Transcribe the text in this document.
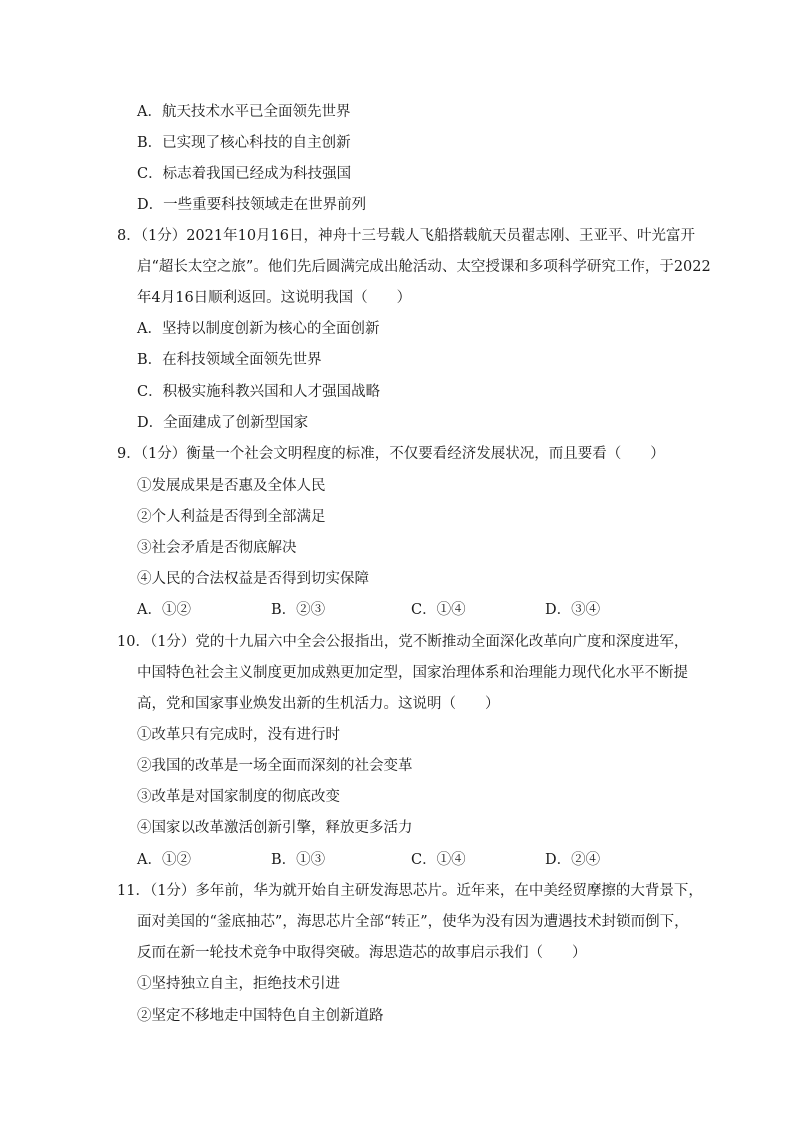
A．航天技术水平已全面领先世界
B．已实现了核心科技的自主创新
C．标志着我国已经成为科技强国
D．一些重要科技领域走在世界前列
8．（1分）2021年10月16日，神舟十三号载人飞船搭载航天员翟志刚、王亚平、叶光富开
启“超长太空之旅”。他们先后圆满完成出舱活动、太空授课和多项科学研究工作，于2022
年4月16日顺利返回。这说明我国（　　）
A．坚持以制度创新为核心的全面创新
B．在科技领域全面领先世界
C．积极实施科教兴国和人才强国战略
D．全面建成了创新型国家
9．（1分）衡量一个社会文明程度的标准，不仅要看经济发展状况，而且要看（　　）
①发展成果是否惠及全体人民
②个人利益是否得到全部满足
③社会矛盾是否彻底解决
④人民的合法权益是否得到切实保障
A．①②	B．②③	C．①④	D．③④
10．（1分）党的十九届六中全会公报指出，党不断推动全面深化改革向广度和深度进军，
中国特色社会主义制度更加成熟更加定型，国家治理体系和治理能力现代化水平不断提
高，党和国家事业焕发出新的生机活力。这说明（　　）
①改革只有完成时，没有进行时
②我国的改革是一场全面而深刻的社会变革
③改革是对国家制度的彻底改变
④国家以改革激活创新引擎，释放更多活力
A．①②	B．①③	C．①④	D．②④
11．（1分）多年前，华为就开始自主研发海思芯片。近年来，在中美经贸摩擦的大背景下，
面对美国的“釜底抽芯”，海思芯片全部“转正”，使华为没有因为遭遇技术封锁而倒下，
反而在新一轮技术竞争中取得突破。海思造芯的故事启示我们（　　）
①坚持独立自主，拒绝技术引进
②坚定不移地走中国特色自主创新道路
